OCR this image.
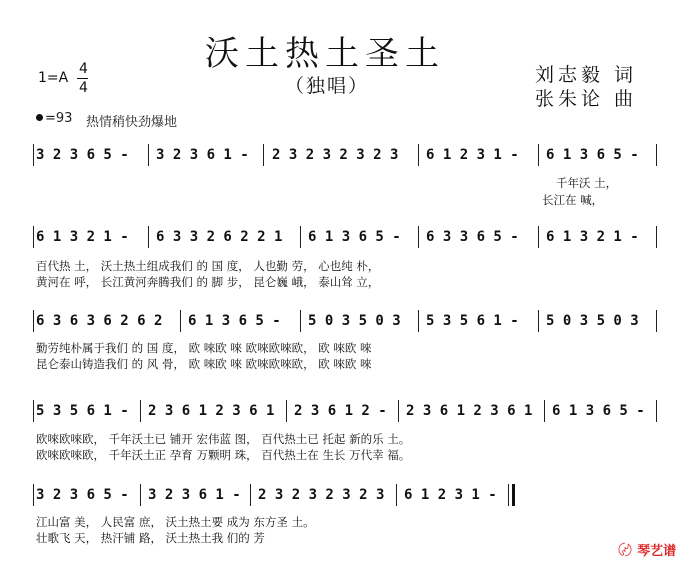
沃土热土圣土
（独唱）	刘志毅 词
张朱论 曲
1=A
4
4
=93 热情稍快劲爆地
3 2 3 6 5 - 3 2 3 6 1 - 2 3 2 3 2 3 2 3 6 1 2 3 1 - 6 1 3 6 5 -
千年沃 土，
长江在 喊，
6 1 3 2 1 - 6 3 3 2 6 2 2 1 6 1 3 6 5 - 6 3 3 6 5 - 6 1 3 2 1 -
百代热 土， 沃土热土组成我们 的 国 度， 人也勤 劳， 心也纯 朴，
黄河在 呼， 长江黄河奔腾我们 的 脚 步， 昆仑巍 峨， 泰山耸 立，
6 3 6 3 6 2 6 2 6 1 3 6 5 - 5 0 3 5 0 3 5 3 5 6 1 - 5 0 3 5 0 3
勤劳纯朴属于我们 的 国 度， 欧 唻欧 唻 欧唻欧唻欧， 欧 唻欧 唻
昆仑泰山铸造我们 的 风 骨， 欧 唻欧 唻 欧唻欧唻欧， 欧 唻欧 唻
5 3 5 6 1 - 2 3 6 1 2 3 6 1 2 3 6 1 2 - 2 3 6 1 2 3 6 1 6 1 3 6 5 -
欧唻欧唻欧， 千年沃土已 铺开 宏伟蓝 图， 百代热土已 托起 新的乐 土。
欧唻欧唻欧， 千年沃土正 孕育 万颗明 珠， 百代热土在 生长 万代幸 福。
3 2 3 6 5 - 3 2 3 6 1 - 2 3 2 3 2 3 2 3 6 1 2 3 1 -
江山富 美， 人民富 庶， 沃土热土要 成为 东方圣 土。
壮歌飞 天， 热汗铺 路， 沃土热土我 们的 芳
〄 琴艺谱
